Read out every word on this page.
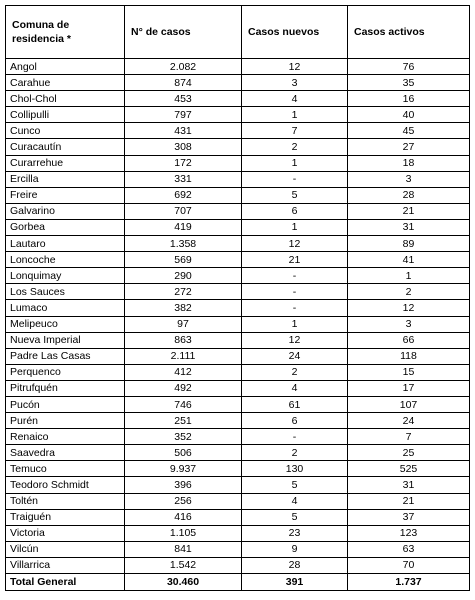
Comuna de residencia *	N° de casos	Casos nuevos	Casos activos
Angol	2.082	12	76
Carahue	874	3	35
Chol-Chol	453	4	16
Collipulli	797	1	40
Cunco	431	7	45
Curacautín	308	2	27
Curarrehue	172	1	18
Ercilla	331	-	3
Freire	692	5	28
Galvarino	707	6	21
Gorbea	419	1	31
Lautaro	1.358	12	89
Loncoche	569	21	41
Lonquimay	290	-	1
Los Sauces	272	-	2
Lumaco	382	-	12
Melipeuco	97	1	3
Nueva Imperial	863	12	66
Padre Las Casas	2.111	24	118
Perquenco	412	2	15
Pitrufquén	492	4	17
Pucón	746	61	107
Purén	251	6	24
Renaico	352	-	7
Saavedra	506	2	25
Temuco	9.937	130	525
Teodoro Schmidt	396	5	31
Toltén	256	4	21
Traiguén	416	5	37
Victoria	1.105	23	123
Vilcún	841	9	63
Villarrica	1.542	28	70
Total General	30.460	391	1.737
